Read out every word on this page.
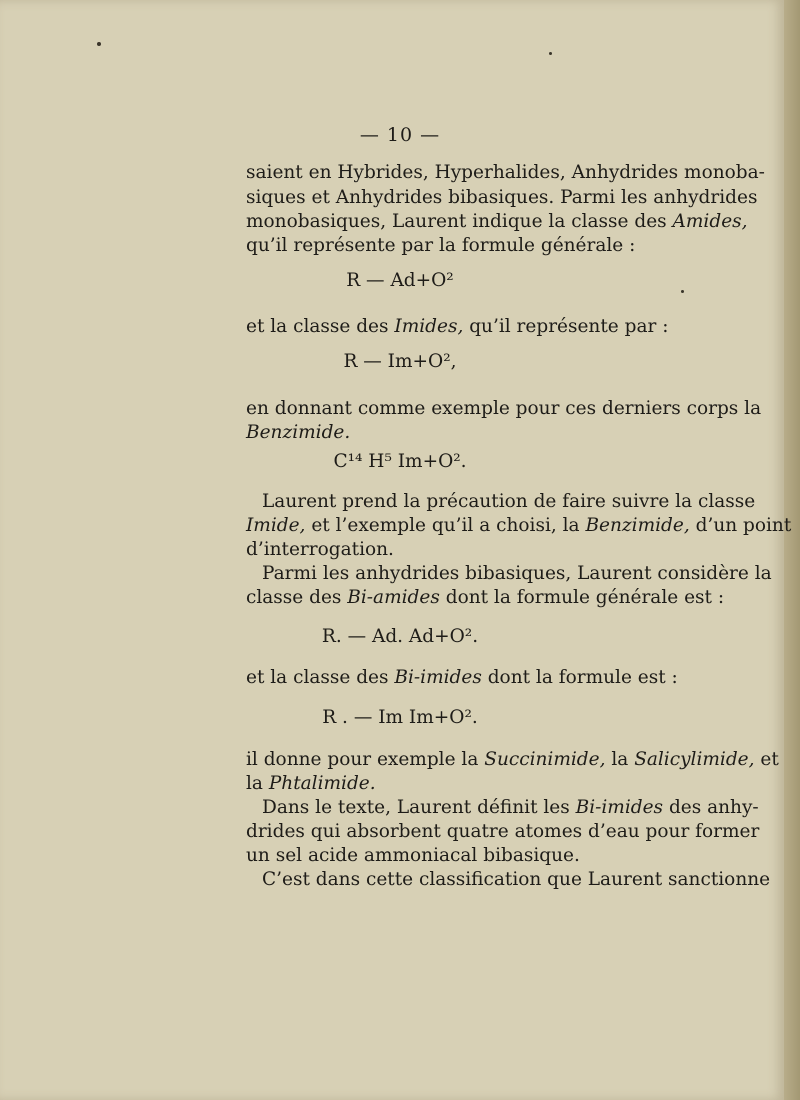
— 10 —
saient en Hybrides, Hyperhalides, Anhydrides monoba-
siques et Anhydrides bibasiques. Parmi les anhydrides
monobasiques, Laurent indique la classe des Amides,
qu’il représente par la formule générale :
R — Ad+O²
et la classe des Imides, qu’il représente par :
R — Im+O²,
en donnant comme exemple pour ces derniers corps la
Benzimide.
C¹⁴ H⁵ Im+O².
Laurent prend la précaution de faire suivre la classe
Imide, et l’exemple qu’il a choisi, la Benzimide, d’un point
d’interrogation.
Parmi les anhydrides bibasiques, Laurent considère la
classe des Bi-amides dont la formule générale est :
R. — Ad. Ad+O².
et la classe des Bi-imides dont la formule est :
R . — Im Im+O².
il donne pour exemple la Succinimide, la Salicylimide, et
la Phtalimide.
Dans le texte, Laurent définit les Bi-imides des anhy-
drides qui absorbent quatre atomes d’eau pour former
un sel acide ammoniacal bibasique.
C’est dans cette classification que Laurent sanctionne
